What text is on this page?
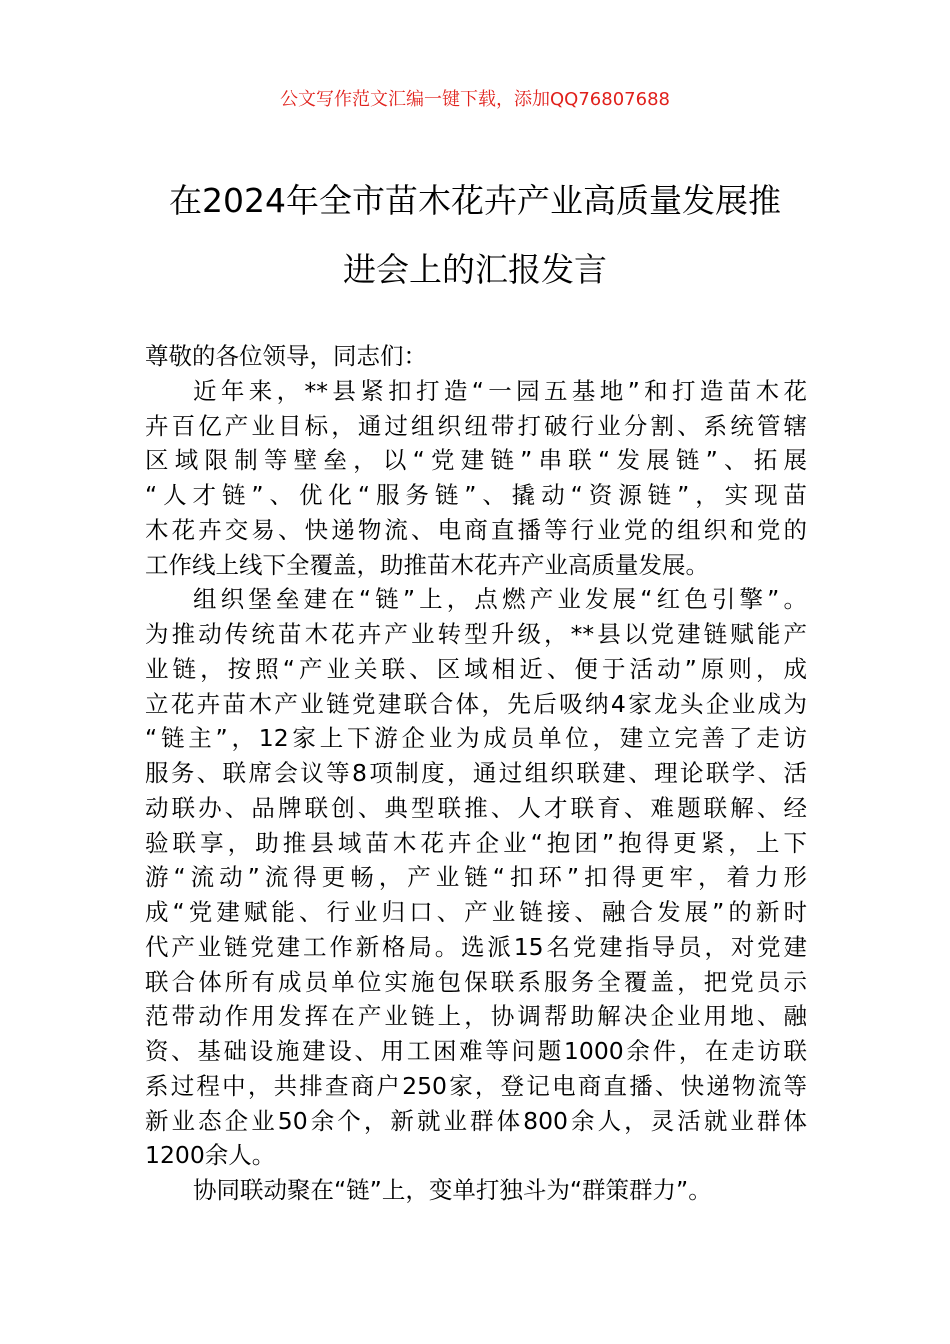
公文写作范文汇编一键下载，添加QQ76807688
在2024年全市苗木花卉产业高质量发展推
进会上的汇报发言
尊敬的各位领导，同志们：
近年来，**县紧扣打造“一园五基地”和打造苗木花
卉百亿产业目标，通过组织纽带打破行业分割、系统管辖
区域限制等壁垒，以“党建链”串联“发展链”、拓展
“人才链”、优化“服务链”、撬动“资源链”，实现苗
木花卉交易、快递物流、电商直播等行业党的组织和党的
工作线上线下全覆盖，助推苗木花卉产业高质量发展。
组织堡垒建在“链”上，点燃产业发展“红色引擎”。
为推动传统苗木花卉产业转型升级，**县以党建链赋能产
业链，按照“产业关联、区域相近、便于活动”原则，成
立花卉苗木产业链党建联合体，先后吸纳4家龙头企业成为
“链主”，12家上下游企业为成员单位，建立完善了走访
服务、联席会议等8项制度，通过组织联建、理论联学、活
动联办、品牌联创、典型联推、人才联育、难题联解、经
验联享，助推县域苗木花卉企业“抱团”抱得更紧，上下
游“流动”流得更畅，产业链“扣环”扣得更牢，着力形
成“党建赋能、行业归口、产业链接、融合发展”的新时
代产业链党建工作新格局。选派15名党建指导员，对党建
联合体所有成员单位实施包保联系服务全覆盖，把党员示
范带动作用发挥在产业链上，协调帮助解决企业用地、融
资、基础设施建设、用工困难等问题1000余件，在走访联
系过程中，共排查商户250家，登记电商直播、快递物流等
新业态企业50余个，新就业群体800余人，灵活就业群体
1200余人。
协同联动聚在“链”上，变单打独斗为“群策群力”。
